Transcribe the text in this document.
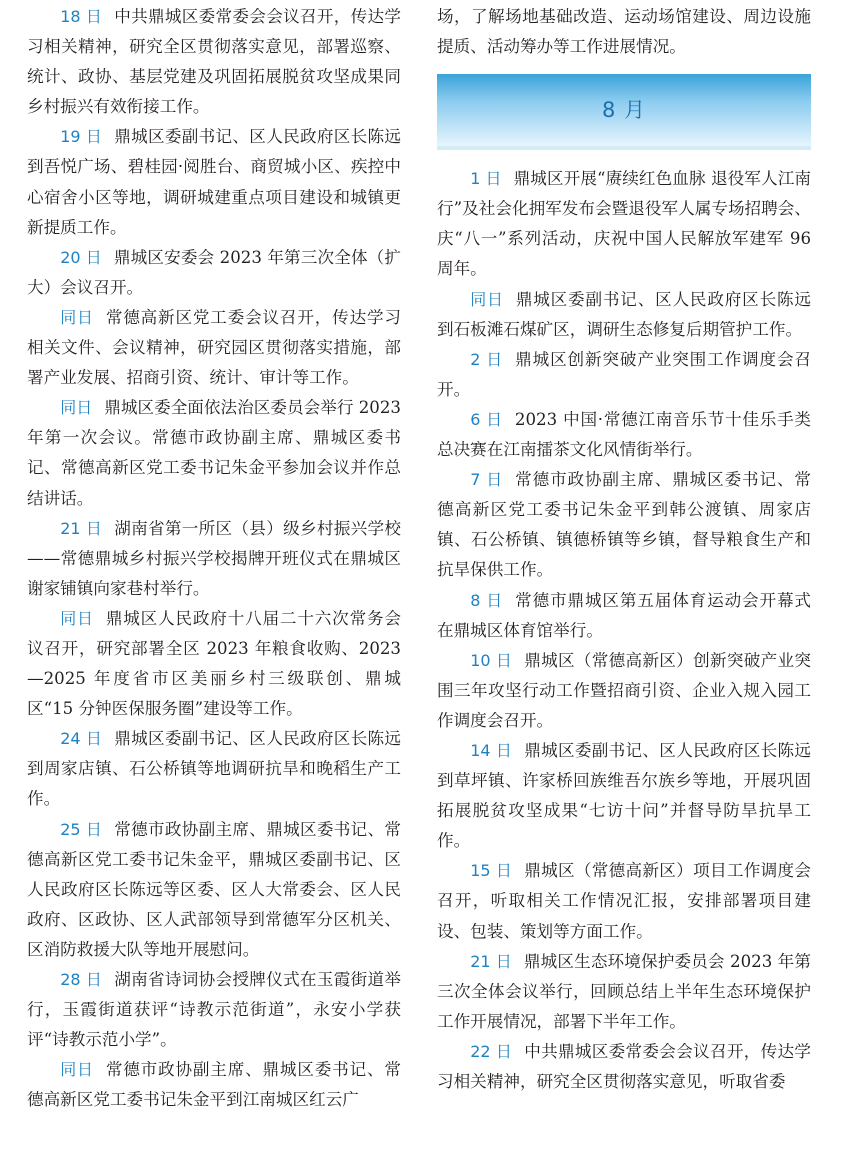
18 日 中共鼎城区委常委会会议召开，传达学习相关精神，研究全区贯彻落实意见，部署巡察、统计、政协、基层党建及巩固拓展脱贫攻坚成果同乡村振兴有效衔接工作。

19 日 鼎城区委副书记、区人民政府区长陈远到吾悦广场、碧桂园·阅胜台、商贸城小区、疾控中心宿舍小区等地，调研城建重点项目建设和城镇更新提质工作。

20 日 鼎城区安委会 2023 年第三次全体（扩大）会议召开。

同日 常德高新区党工委会议召开，传达学习相关文件、会议精神，研究园区贯彻落实措施，部署产业发展、招商引资、统计、审计等工作。

同日 鼎城区委全面依法治区委员会举行 2023 年第一次会议。常德市政协副主席、鼎城区委书记、常德高新区党工委书记朱金平参加会议并作总结讲话。

21 日 湖南省第一所区（县）级乡村振兴学校——常德鼎城乡村振兴学校揭牌开班仪式在鼎城区谢家铺镇向家巷村举行。

同日 鼎城区人民政府十八届二十六次常务会议召开，研究部署全区 2023 年粮食收购、2023—2025 年度省市区美丽乡村三级联创、鼎城区“15 分钟医保服务圈”建设等工作。

24 日 鼎城区委副书记、区人民政府区长陈远到周家店镇、石公桥镇等地调研抗旱和晚稻生产工作。

25 日 常德市政协副主席、鼎城区委书记、常德高新区党工委书记朱金平，鼎城区委副书记、区人民政府区长陈远等区委、区人大常委会、区人民政府、区政协、区人武部领导到常德军分区机关、区消防救援大队等地开展慰问。

28 日 湖南省诗词协会授牌仪式在玉霞街道举行，玉霞街道获评“诗教示范街道”，永安小学获评“诗教示范小学”。

同日 常德市政协副主席、鼎城区委书记、常德高新区党工委书记朱金平到江南城区红云广

场，了解场地基础改造、运动场馆建设、周边设施提质、活动筹办等工作进展情况。

8 月

1 日 鼎城区开展“赓续红色血脉 退役军人江南行”及社会化拥军发布会暨退役军人属专场招聘会、庆“八一”系列活动，庆祝中国人民解放军建军 96 周年。

同日 鼎城区委副书记、区人民政府区长陈远到石板滩石煤矿区，调研生态修复后期管护工作。

2 日 鼎城区创新突破产业突围工作调度会召开。

6 日 2023 中国·常德江南音乐节十佳乐手类总决赛在江南擂茶文化风情街举行。

7 日 常德市政协副主席、鼎城区委书记、常德高新区党工委书记朱金平到韩公渡镇、周家店镇、石公桥镇、镇德桥镇等乡镇，督导粮食生产和抗旱保供工作。

8 日 常德市鼎城区第五届体育运动会开幕式在鼎城区体育馆举行。

10 日 鼎城区（常德高新区）创新突破产业突围三年攻坚行动工作暨招商引资、企业入规入园工作调度会召开。

14 日 鼎城区委副书记、区人民政府区长陈远到草坪镇、许家桥回族维吾尔族乡等地，开展巩固拓展脱贫攻坚成果“七访十问”并督导防旱抗旱工作。

15 日 鼎城区（常德高新区）项目工作调度会召开，听取相关工作情况汇报，安排部署项目建设、包装、策划等方面工作。

21 日 鼎城区生态环境保护委员会 2023 年第三次全体会议举行，回顾总结上半年生态环境保护工作开展情况，部署下半年工作。

22 日 中共鼎城区委常委会会议召开，传达学习相关精神，研究全区贯彻落实意见，听取省委
